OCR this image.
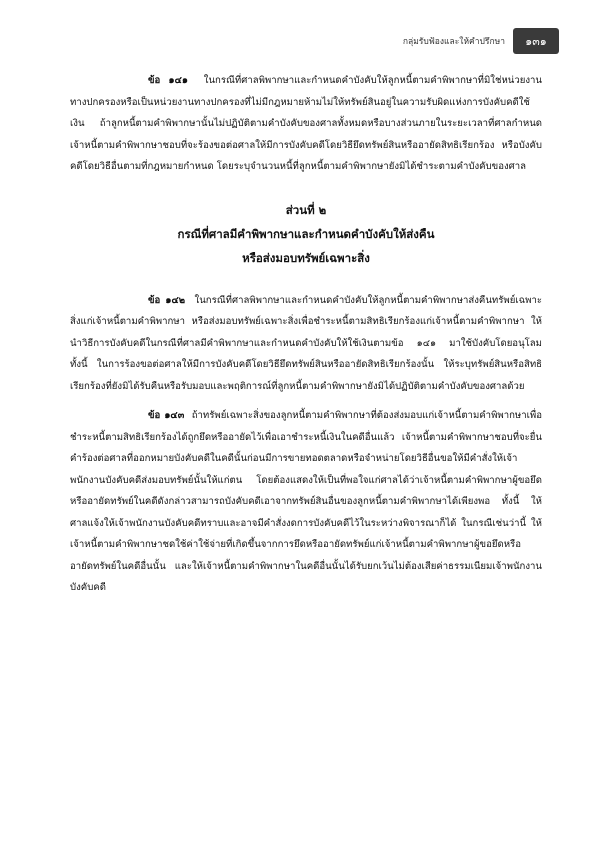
กลุ่มรับฟ้องและให้คำปรึกษา	๑๓๑

ข้อ ๑๔๑ ในกรณีที่ศาลพิพากษาและกำหนดคำบังคับให้ลูกหนี้ตามคำพิพากษาที่มิใช่หน่วยงานทางปกครองหรือเป็นหน่วยงานทางปกครองที่ไม่มีกฎหมายห้ามไม่ให้ทรัพย์สินอยู่ในความรับผิดแห่งการบังคับคดีใช้เงิน ถ้าลูกหนี้ตามคำพิพากษานั้นไม่ปฏิบัติตามคำบังคับของศาลทั้งหมดหรือบางส่วนภายในระยะเวลาที่ศาลกำหนด เจ้าหนี้ตามคำพิพากษาชอบที่จะร้องขอต่อศาลให้มีการบังคับคดีโดยวิธียึดทรัพย์สินหรืออายัดสิทธิเรียกร้อง หรือบังคับคดีโดยวิธีอื่นตามที่กฎหมายกำหนด โดยระบุจำนวนหนี้ที่ลูกหนี้ตามคำพิพากษายังมิได้ชำระตามคำบังคับของศาล

ส่วนที่ ๒
กรณีที่ศาลมีคำพิพากษาและกำหนดคำบังคับให้ส่งคืน
หรือส่งมอบทรัพย์เฉพาะสิ่ง

ข้อ ๑๔๒ ในกรณีที่ศาลพิพากษาและกำหนดคำบังคับให้ลูกหนี้ตามคำพิพากษาส่งคืนทรัพย์เฉพาะสิ่งแก่เจ้าหนี้ตามคำพิพากษา หรือส่งมอบทรัพย์เฉพาะสิ่งเพื่อชำระหนี้ตามสิทธิเรียกร้องแก่เจ้าหนี้ตามคำพิพากษา ให้นำวิธีการบังคับคดีในกรณีที่ศาลมีคำพิพากษาและกำหนดคำบังคับให้ใช้เงินตามข้อ ๑๔๑ มาใช้บังคับโดยอนุโลม ทั้งนี้ ในการร้องขอต่อศาลให้มีการบังคับคดีโดยวิธียึดทรัพย์สินหรืออายัดสิทธิเรียกร้องนั้น ให้ระบุทรัพย์สินหรือสิทธิเรียกร้องที่ยังมิได้รับคืนหรือรับมอบและพฤติการณ์ที่ลูกหนี้ตามคำพิพากษายังมิได้ปฏิบัติตามคำบังคับของศาลด้วย

ข้อ ๑๔๓ ถ้าทรัพย์เฉพาะสิ่งของลูกหนี้ตามคำพิพากษาที่ต้องส่งมอบแก่เจ้าหนี้ตามคำพิพากษาเพื่อชำระหนี้ตามสิทธิเรียกร้องได้ถูกยึดหรืออายัดไว้เพื่อเอาชำระหนี้เงินในคดีอื่นแล้ว เจ้าหนี้ตามคำพิพากษาชอบที่จะยื่นคำร้องต่อศาลที่ออกหมายบังคับคดีในคดีนั้นก่อนมีการขายทอดตลาดหรือจำหน่ายโดยวิธีอื่นขอให้มีคำสั่งให้เจ้าพนักงานบังคับคดีส่งมอบทรัพย์นั้นให้แก่ตน โดยต้องแสดงให้เป็นที่พอใจแก่ศาลได้ว่าเจ้าหนี้ตามคำพิพากษาผู้ขอยึดหรืออายัดทรัพย์ในคดีดังกล่าวสามารถบังคับคดีเอาจากทรัพย์สินอื่นของลูกหนี้ตามคำพิพากษาได้เพียงพอ ทั้งนี้ ให้ศาลแจ้งให้เจ้าพนักงานบังคับคดีทราบและอาจมีคำสั่งงดการบังคับคดีไว้ในระหว่างพิจารณาก็ได้ ในกรณีเช่นว่านี้ ให้เจ้าหนี้ตามคำพิพากษาชดใช้ค่าใช้จ่ายที่เกิดขึ้นจากการยึดหรืออายัดทรัพย์แก่เจ้าหนี้ตามคำพิพากษาผู้ขอยึดหรืออายัดทรัพย์ในคดีอื่นนั้น และให้เจ้าหนี้ตามคำพิพากษาในคดีอื่นนั้นได้รับยกเว้นไม่ต้องเสียค่าธรรมเนียมเจ้าพนักงานบังคับคดี
